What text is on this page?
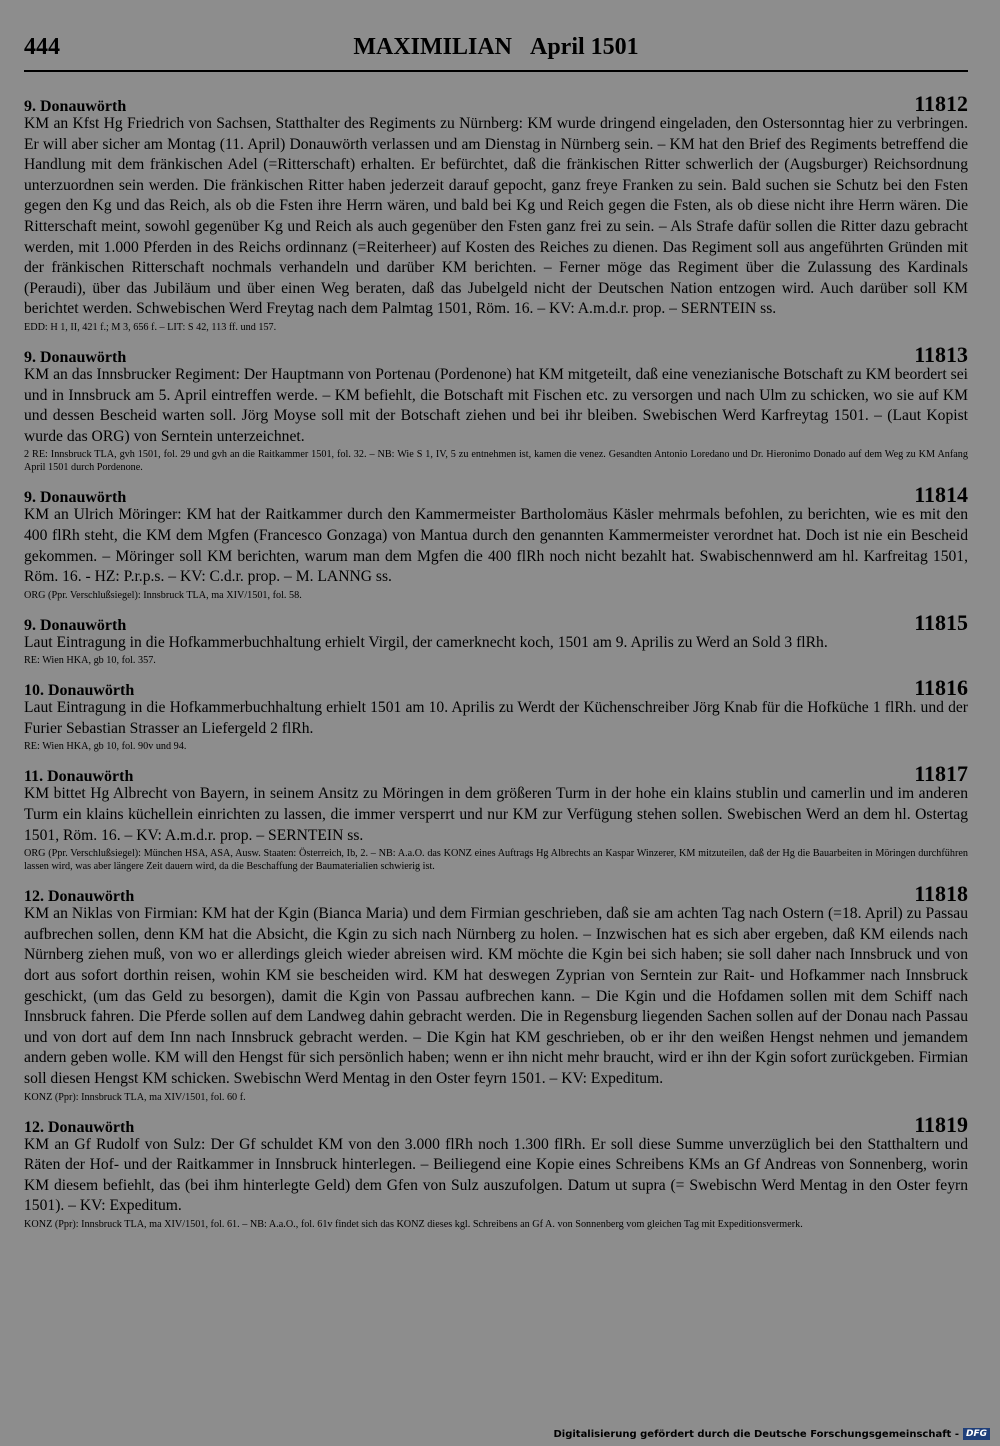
444	MAXIMILIAN April 1501
9. Donauwörth	11812

KM an Kfst Hg Friedrich von Sachsen, Statthalter des Regiments zu Nürnberg: KM wurde dringend eingeladen, den Ostersonntag hier zu verbringen. Er will aber sicher am Montag (11. April) Donauwörth verlassen und am Dienstag in Nürnberg sein. – KM hat den Brief des Regiments betreffend die Handlung mit dem fränkischen Adel (=Ritterschaft) erhalten. Er befürchtet, daß die fränkischen Ritter schwerlich der (Augsburger) Reichsordnung unterzuordnen sein werden. Die fränkischen Ritter haben jederzeit darauf gepocht, ganz freye Franken zu sein. Bald suchen sie Schutz bei den Fsten gegen den Kg und das Reich, als ob die Fsten ihre Herrn wären, und bald bei Kg und Reich gegen die Fsten, als ob diese nicht ihre Herrn wären. Die Ritterschaft meint, sowohl gegenüber Kg und Reich als auch gegenüber den Fsten ganz frei zu sein. – Als Strafe dafür sollen die Ritter dazu gebracht werden, mit 1.000 Pferden in des Reichs ordinnanz (=Reiterheer) auf Kosten des Reiches zu dienen. Das Regiment soll aus angeführten Gründen mit der fränkischen Ritterschaft nochmals verhandeln und darüber KM berichten. – Ferner möge das Regiment über die Zulassung des Kardinals (Peraudi), über das Jubiläum und über einen Weg beraten, daß das Jubelgeld nicht der Deutschen Nation entzogen wird. Auch darüber soll KM berichtet werden. Schwebischen Werd Freytag nach dem Palmtag 1501, Röm. 16. – KV: A.m.d.r. prop. – SERNTEIN ss.

EDD: H 1, II, 421 f.; M 3, 656 f. – LIT: S 42, 113 ff. und 157.

9. Donauwörth	11813

KM an das Innsbrucker Regiment: Der Hauptmann von Portenau (Pordenone) hat KM mitgeteilt, daß eine venezianische Botschaft zu KM beordert sei und in Innsbruck am 5. April eintreffen werde. – KM befiehlt, die Botschaft mit Fischen etc. zu versorgen und nach Ulm zu schicken, wo sie auf KM und dessen Bescheid warten soll. Jörg Moyse soll mit der Botschaft ziehen und bei ihr bleiben. Swebischen Werd Karfreytag 1501. – (Laut Kopist wurde das ORG) von Serntein unterzeichnet.

2 RE: Innsbruck TLA, gvh 1501, fol. 29 und gvh an die Raitkammer 1501, fol. 32. – NB: Wie S 1, IV, 5 zu entnehmen ist, kamen die venez. Gesandten Antonio Loredano und Dr. Hieronimo Donado auf dem Weg zu KM Anfang April 1501 durch Pordenone.

9. Donauwörth	11814

KM an Ulrich Möringer: KM hat der Raitkammer durch den Kammermeister Bartholomäus Käsler mehrmals befohlen, zu berichten, wie es mit den 400 flRh steht, die KM dem Mgfen (Francesco Gonzaga) von Mantua durch den genannten Kammermeister verordnet hat. Doch ist nie ein Bescheid gekommen. – Möringer soll KM berichten, warum man dem Mgfen die 400 flRh noch nicht bezahlt hat. Swabischennwerd am hl. Karfreitag 1501, Röm. 16. - HZ: P.r.p.s. – KV: C.d.r. prop. – M. LANNG ss.

ORG (Ppr. Verschlußsiegel): Innsbruck TLA, ma XIV/1501, fol. 58.

9. Donauwörth	11815

Laut Eintragung in die Hofkammerbuchhaltung erhielt Virgil, der camerknecht koch, 1501 am 9. Aprilis zu Werd an Sold 3 flRh.

RE: Wien HKA, gb 10, fol. 357.

10. Donauwörth	11816

Laut Eintragung in die Hofkammerbuchhaltung erhielt 1501 am 10. Aprilis zu Werdt der Küchenschreiber Jörg Knab für die Hofküche 1 flRh. und der Furier Sebastian Strasser an Liefergeld 2 flRh.

RE: Wien HKA, gb 10, fol. 90v und 94.

11. Donauwörth	11817

KM bittet Hg Albrecht von Bayern, in seinem Ansitz zu Möringen in dem größeren Turm in der hohe ein klains stublin und camerlin und im anderen Turm ein klains küchellein einrichten zu lassen, die immer versperrt und nur KM zur Verfügung stehen sollen. Swebischen Werd an dem hl. Ostertag 1501, Röm. 16. – KV: A.m.d.r. prop. – SERNTEIN ss.

ORG (Ppr. Verschlußsiegel): München HSA, ASA, Ausw. Staaten: Österreich, Ib, 2. – NB: A.a.O. das KONZ eines Auftrags Hg Albrechts an Kaspar Winzerer, KM mitzuteilen, daß der Hg die Bauarbeiten in Möringen durchführen lassen wird, was aber längere Zeit dauern wird, da die Beschaffung der Baumaterialien schwierig ist.

12. Donauwörth	11818

KM an Niklas von Firmian: KM hat der Kgin (Bianca Maria) und dem Firmian geschrieben, daß sie am achten Tag nach Ostern (=18. April) zu Passau aufbrechen sollen, denn KM hat die Absicht, die Kgin zu sich nach Nürnberg zu holen. – Inzwischen hat es sich aber ergeben, daß KM eilends nach Nürnberg ziehen muß, von wo er allerdings gleich wieder abreisen wird. KM möchte die Kgin bei sich haben; sie soll daher nach Innsbruck und von dort aus sofort dorthin reisen, wohin KM sie bescheiden wird. KM hat deswegen Zyprian von Serntein zur Rait- und Hofkammer nach Innsbruck geschickt, (um das Geld zu besorgen), damit die Kgin von Passau aufbrechen kann. – Die Kgin und die Hofdamen sollen mit dem Schiff nach Innsbruck fahren. Die Pferde sollen auf dem Landweg dahin gebracht werden. Die in Regensburg liegenden Sachen sollen auf der Donau nach Passau und von dort auf dem Inn nach Innsbruck gebracht werden. – Die Kgin hat KM geschrieben, ob er ihr den weißen Hengst nehmen und jemandem andern geben wolle. KM will den Hengst für sich persönlich haben; wenn er ihn nicht mehr braucht, wird er ihn der Kgin sofort zurückgeben. Firmian soll diesen Hengst KM schicken. Swebischn Werd Mentag in den Oster feyrn 1501. – KV: Expeditum.

KONZ (Ppr): Innsbruck TLA, ma XIV/1501, fol. 60 f.

12. Donauwörth	11819

KM an Gf Rudolf von Sulz: Der Gf schuldet KM von den 3.000 flRh noch 1.300 flRh. Er soll diese Summe unverzüglich bei den Statthaltern und Räten der Hof- und der Raitkammer in Innsbruck hinterlegen. – Beiliegend eine Kopie eines Schreibens KMs an Gf Andreas von Sonnenberg, worin KM diesem befiehlt, das (bei ihm hinterlegte Geld) dem Gfen von Sulz auszufolgen. Datum ut supra (= Swebischn Werd Mentag in den Oster feyrn 1501). – KV: Expeditum.

KONZ (Ppr): Innsbruck TLA, ma XIV/1501, fol. 61. – NB: A.a.O., fol. 61v findet sich das KONZ dieses kgl. Schreibens an Gf A. von Sonnenberg vom gleichen Tag mit Expeditionsvermerk.

Digitalisierung gefördert durch die Deutsche Forschungsgemeinschaft - DFG
